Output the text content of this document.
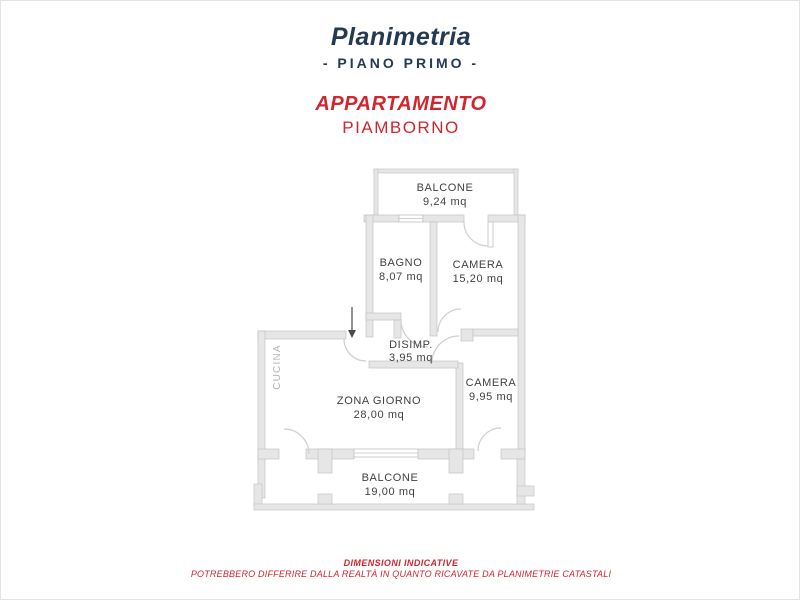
Planimetria
- PIANO PRIMO -
APPARTAMENTO
PIAMBORNO
BALCONE
9,24 mq
BAGNO
8,07 mq
CAMERA
15,20 mq
DISIMP.
3,95 mq
CAMERA
9,95 mq
ZONA GIORNO
28,00 mq
BALCONE
19,00 mq
CUCINA
DIMENSIONI INDICATIVE
POTREBBERO DIFFERIRE DALLA REALTÀ IN QUANTO RICAVATE DA PLANIMETRIE CATASTALI
